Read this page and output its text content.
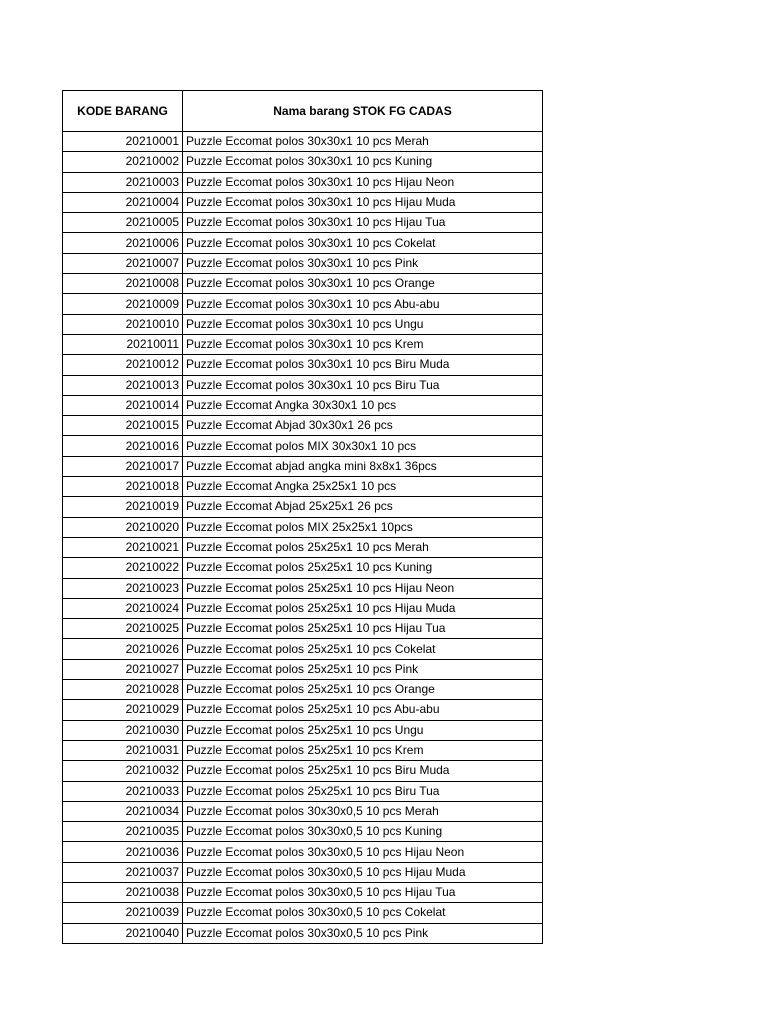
KODE BARANG	Nama barang STOK FG CADAS
20210001	Puzzle Eccomat polos 30x30x1 10 pcs Merah
20210002	Puzzle Eccomat polos 30x30x1 10 pcs Kuning
20210003	Puzzle Eccomat polos 30x30x1 10 pcs Hijau Neon
20210004	Puzzle Eccomat polos 30x30x1 10 pcs Hijau Muda
20210005	Puzzle Eccomat polos 30x30x1 10 pcs Hijau Tua
20210006	Puzzle Eccomat polos 30x30x1 10 pcs Cokelat
20210007	Puzzle Eccomat polos 30x30x1 10 pcs Pink
20210008	Puzzle Eccomat polos 30x30x1 10 pcs Orange
20210009	Puzzle Eccomat polos 30x30x1 10 pcs Abu-abu
20210010	Puzzle Eccomat polos 30x30x1 10 pcs Ungu
20210011	Puzzle Eccomat polos 30x30x1 10 pcs Krem
20210012	Puzzle Eccomat polos 30x30x1 10 pcs Biru Muda
20210013	Puzzle Eccomat polos 30x30x1 10 pcs Biru Tua
20210014	Puzzle Eccomat Angka 30x30x1 10 pcs
20210015	Puzzle Eccomat Abjad 30x30x1 26 pcs
20210016	Puzzle Eccomat polos MIX 30x30x1 10 pcs
20210017	Puzzle Eccomat abjad angka mini 8x8x1 36pcs
20210018	Puzzle Eccomat Angka 25x25x1 10 pcs
20210019	Puzzle Eccomat Abjad 25x25x1 26 pcs
20210020	Puzzle Eccomat polos MIX 25x25x1 10pcs
20210021	Puzzle Eccomat polos 25x25x1 10 pcs Merah
20210022	Puzzle Eccomat polos 25x25x1 10 pcs Kuning
20210023	Puzzle Eccomat polos 25x25x1 10 pcs Hijau Neon
20210024	Puzzle Eccomat polos 25x25x1 10 pcs Hijau Muda
20210025	Puzzle Eccomat polos 25x25x1 10 pcs Hijau Tua
20210026	Puzzle Eccomat polos 25x25x1 10 pcs Cokelat
20210027	Puzzle Eccomat polos 25x25x1 10 pcs Pink
20210028	Puzzle Eccomat polos 25x25x1 10 pcs Orange
20210029	Puzzle Eccomat polos 25x25x1 10 pcs Abu-abu
20210030	Puzzle Eccomat polos 25x25x1 10 pcs Ungu
20210031	Puzzle Eccomat polos 25x25x1 10 pcs Krem
20210032	Puzzle Eccomat polos 25x25x1 10 pcs Biru Muda
20210033	Puzzle Eccomat polos 25x25x1 10 pcs Biru Tua
20210034	Puzzle Eccomat polos 30x30x0,5 10 pcs Merah
20210035	Puzzle Eccomat polos 30x30x0,5 10 pcs Kuning
20210036	Puzzle Eccomat polos 30x30x0,5 10 pcs Hijau Neon
20210037	Puzzle Eccomat polos 30x30x0,5 10 pcs Hijau Muda
20210038	Puzzle Eccomat polos 30x30x0,5 10 pcs Hijau Tua
20210039	Puzzle Eccomat polos 30x30x0,5 10 pcs Cokelat
20210040	Puzzle Eccomat polos 30x30x0,5 10 pcs Pink
